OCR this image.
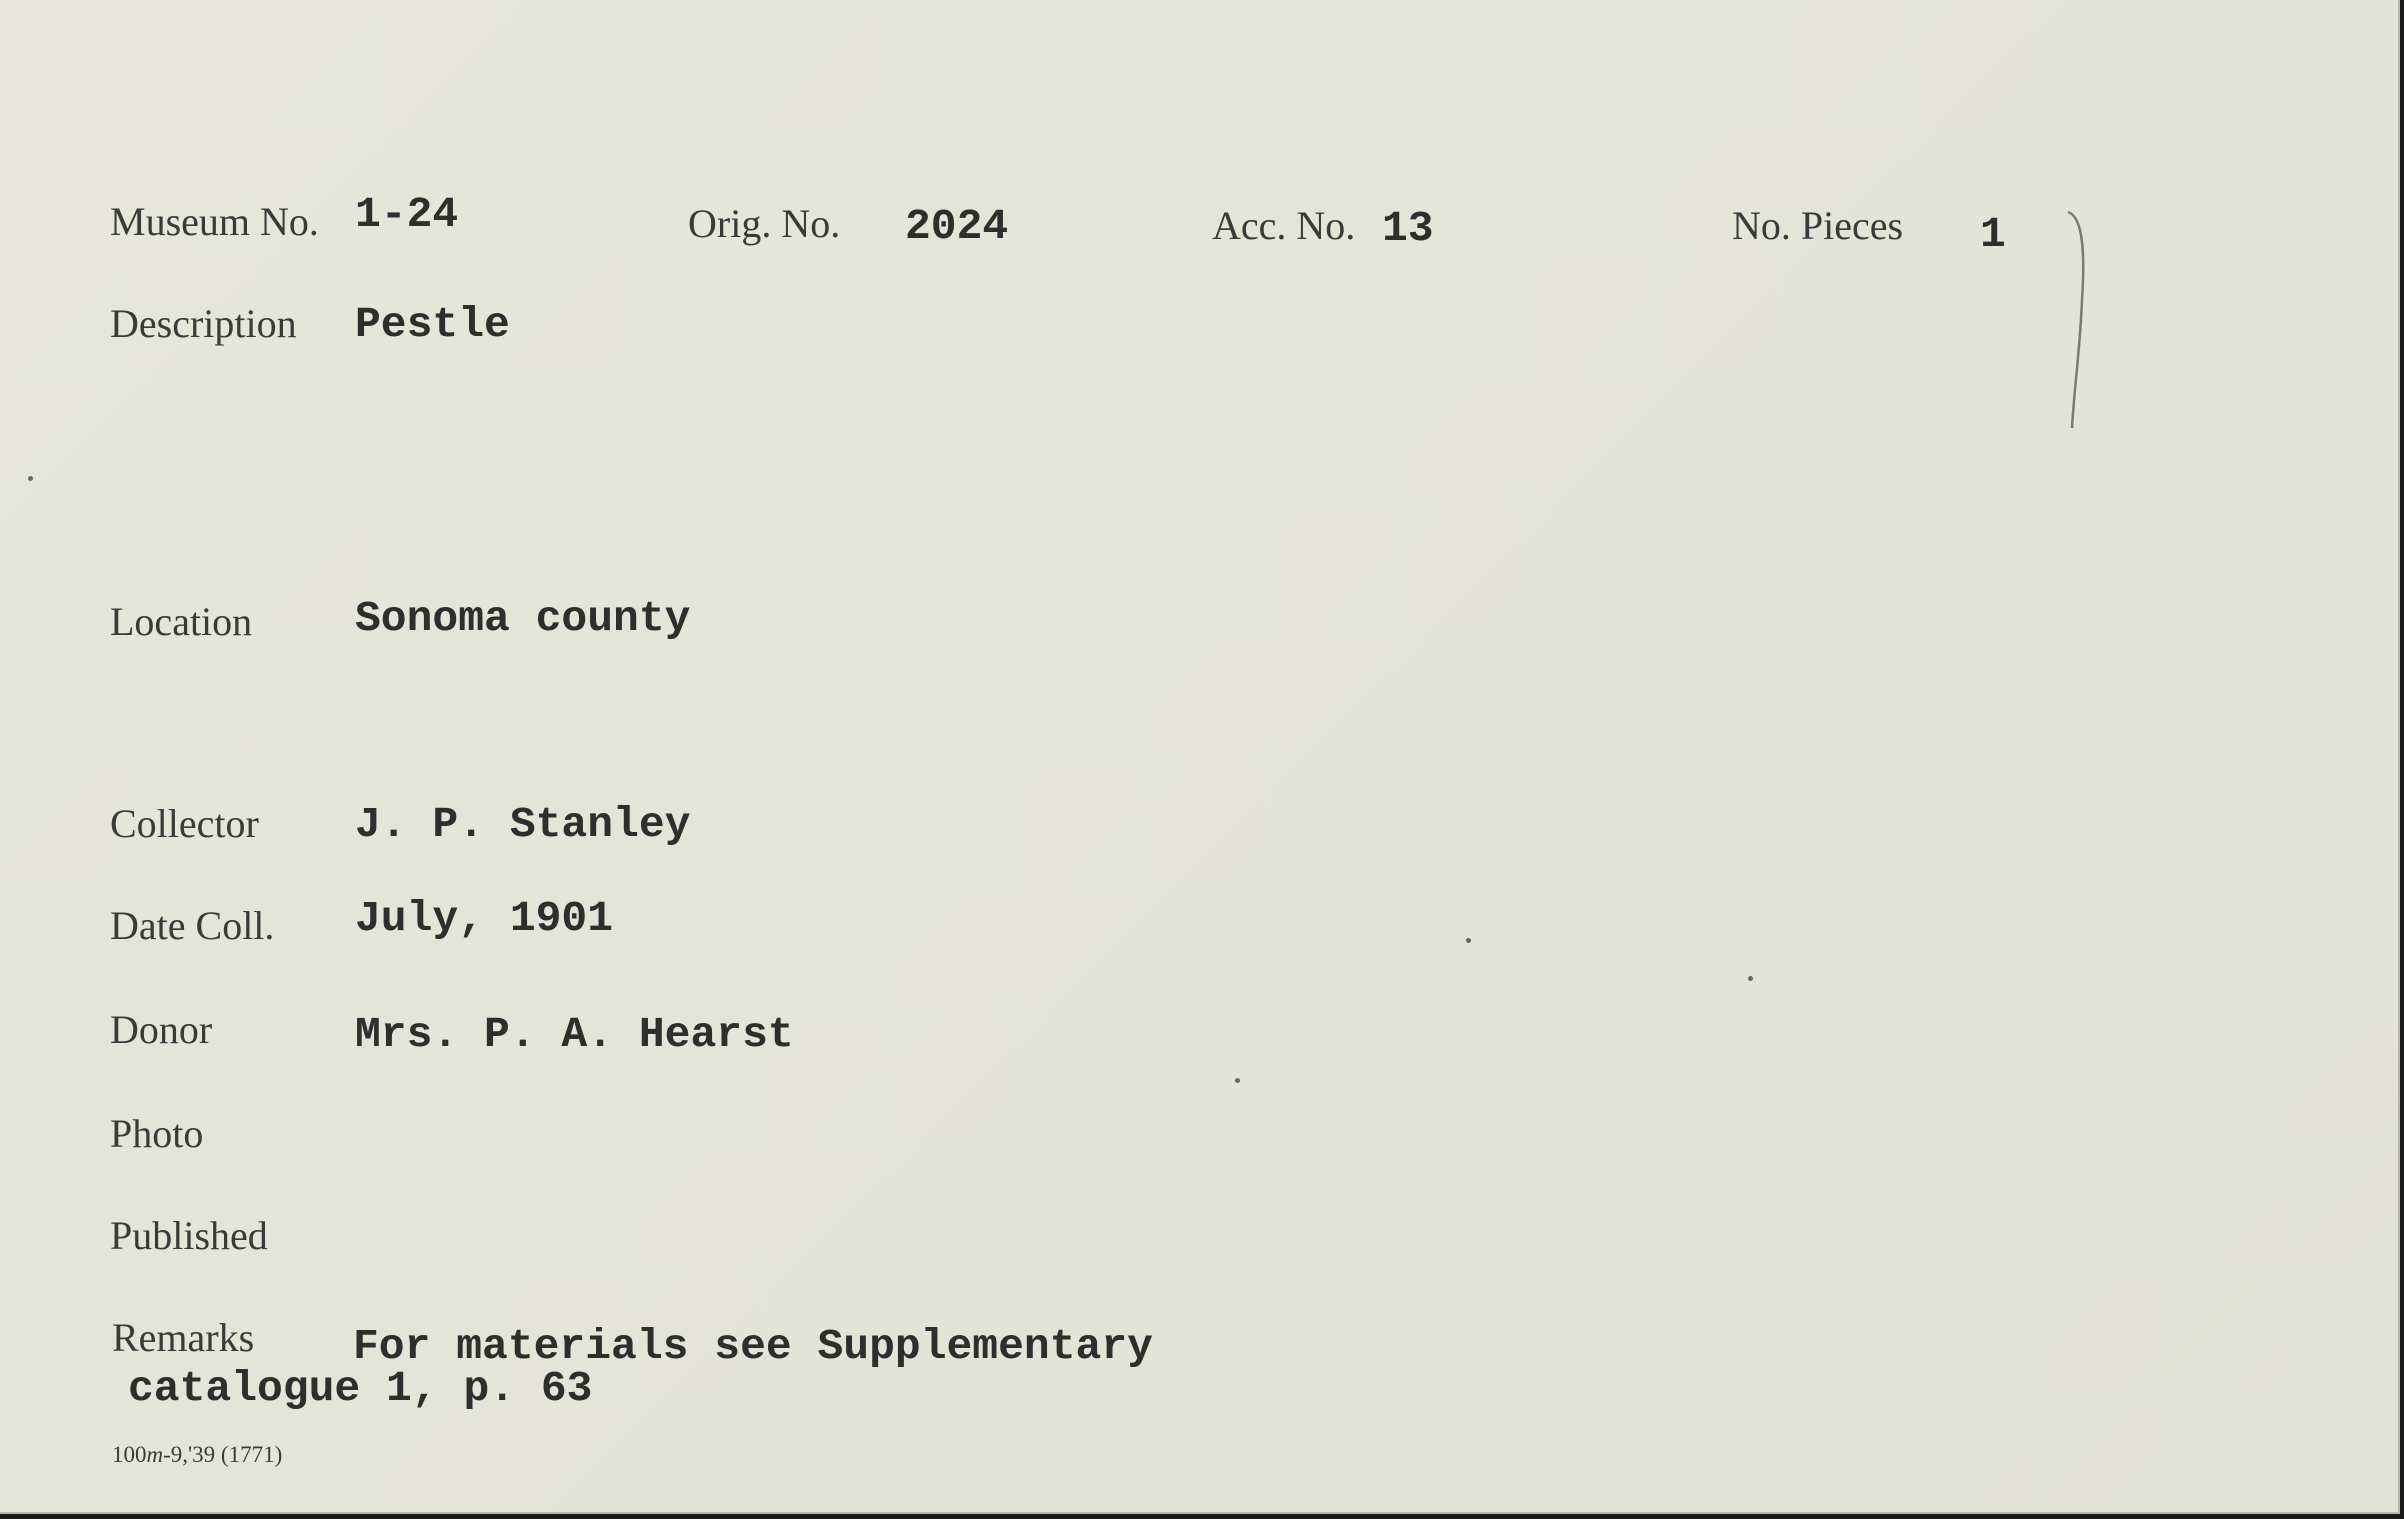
Museum No. 1-24	Orig. No. 2024	Acc. No. 13	No. Pieces 1
Description Pestle
Location Sonoma county
Collector J. P. Stanley
Date Coll. July, 1901
Donor	Mrs. P. A. Hearst
Photo
Published
Remarks For materials see Supplementary
catalogue 1, p. 63
100m-9,'39 (1771)
